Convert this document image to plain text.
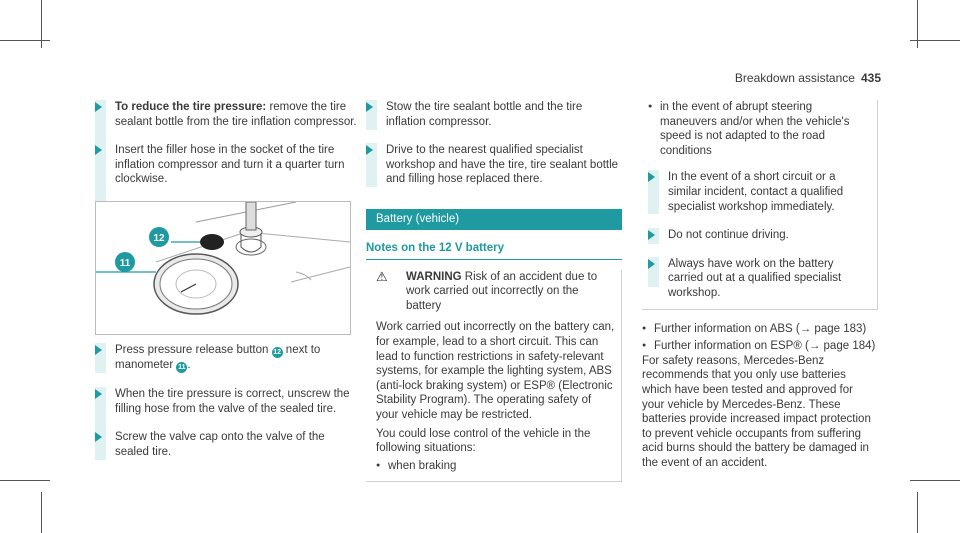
Breakdown assistance 435
To reduce the tire pressure: remove the tire sealant bottle from the tire inflation compressor.
Insert the filler hose in the socket of the tire inflation compressor and turn it a quarter turn clockwise.
12
11
Press pressure release button 12 next to manometer 11 .
When the tire pressure is correct, unscrew the filling hose from the valve of the sealed tire.
Screw the valve cap onto the valve of the sealed tire.
Stow the tire sealant bottle and the tire inflation compressor.
Drive to the nearest qualified specialist workshop and have the tire, tire sealant bottle and filling hose replaced there.
Battery (vehicle)
Notes on the 12 V battery
⚠ WARNING Risk of an accident due to work carried out incorrectly on the battery
Work carried out incorrectly on the battery can, for example, lead to a short circuit. This can lead to function restrictions in safety-relevant systems, for example the lighting system, ABS (anti-lock braking system) or ESP® (Electronic Stability Program). The operating safety of your vehicle may be restricted.
You could lose control of the vehicle in the following situations:
● when braking
● in the event of abrupt steering maneuvers and/or when the vehicle's speed is not adapted to the road conditions
In the event of a short circuit or a similar incident, contact a qualified specialist workshop immediately.
Do not continue driving.
Always have work on the battery carried out at a qualified specialist workshop.
● Further information on ABS (→ page 183)
● Further information on ESP® (→ page 184)
For safety reasons, Mercedes-Benz recommends that you only use batteries which have been tested and approved for your vehicle by Mercedes-Benz. These batteries provide increased impact protection to prevent vehicle occupants from suffering acid burns should the battery be damaged in the event of an accident.
